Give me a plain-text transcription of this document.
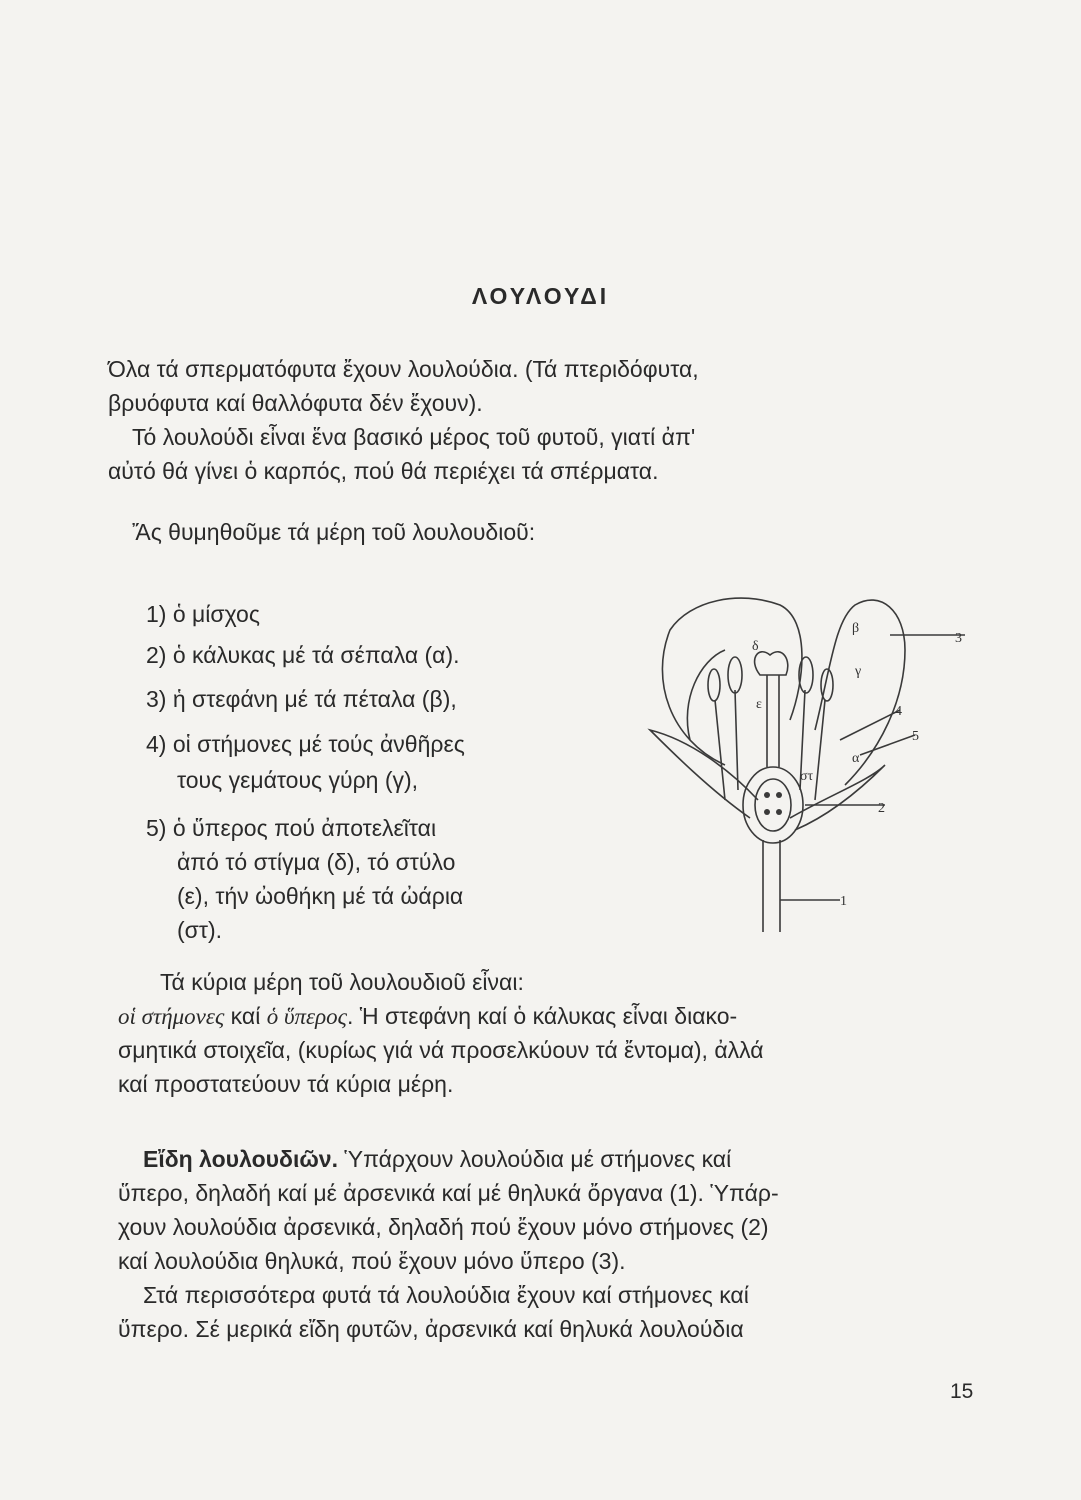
ΛΟΥΛΟΥΔΙ
Όλα τά σπερματόφυτα ἔχουν λουλούδια. (Τά πτεριδόφυτα,
βρυόφυτα καί θαλλόφυτα δέν ἔχουν).
Τό λουλούδι εἶναι ἕνα βασικό μέρος τοῦ φυτοῦ, γιατί ἀπ'
αὐτό θά γίνει ὁ καρπός, πού θά περιέχει τά σπέρματα.
Ἄς θυμηθοῦμε τά μέρη τοῦ λουλουδιοῦ:
1) ὁ μίσχος
2) ὁ κάλυκας μέ τά σέπαλα (α).
3) ἡ στεφάνη μέ τά πέταλα (β),
4) οἱ στήμονες μέ τούς ἀνθῆρες
τους γεμάτους γύρη (γ),
5) ὁ ὕπερος πού ἀποτελεῖται
ἀπό τό στίγμα (δ), τό στύλο
(ε), τήν ὠοθήκη μέ τά ὠάρια
(στ).
β
γ
δ
ε
στ
α
3
4
5
2
1
Τά κύρια μέρη τοῦ λουλουδιοῦ εἶναι:
οἱ στήμονες καί ὁ ὕπερος. Ἡ στεφάνη καί ὁ κάλυκας εἶναι διακο-
σμητικά στοιχεῖα, (κυρίως γιά νά προσελκύουν τά ἔντομα), ἀλλά
καί προστατεύουν τά κύρια μέρη.
Εἴδη λουλουδιῶν. Ὑπάρχουν λουλούδια μέ στήμονες καί
ὕπερο, δηλαδή καί μέ ἀρσενικά καί μέ θηλυκά ὄργανα (1). Ὑπάρ-
χουν λουλούδια ἀρσενικά, δηλαδή πού ἔχουν μόνο στήμονες (2)
καί λουλούδια θηλυκά, πού ἔχουν μόνο ὕπερο (3).
Στά περισσότερα φυτά τά λουλούδια ἔχουν καί στήμονες καί
ὕπερο. Σέ μερικά εἴδη φυτῶν, ἀρσενικά καί θηλυκά λουλούδια
15
